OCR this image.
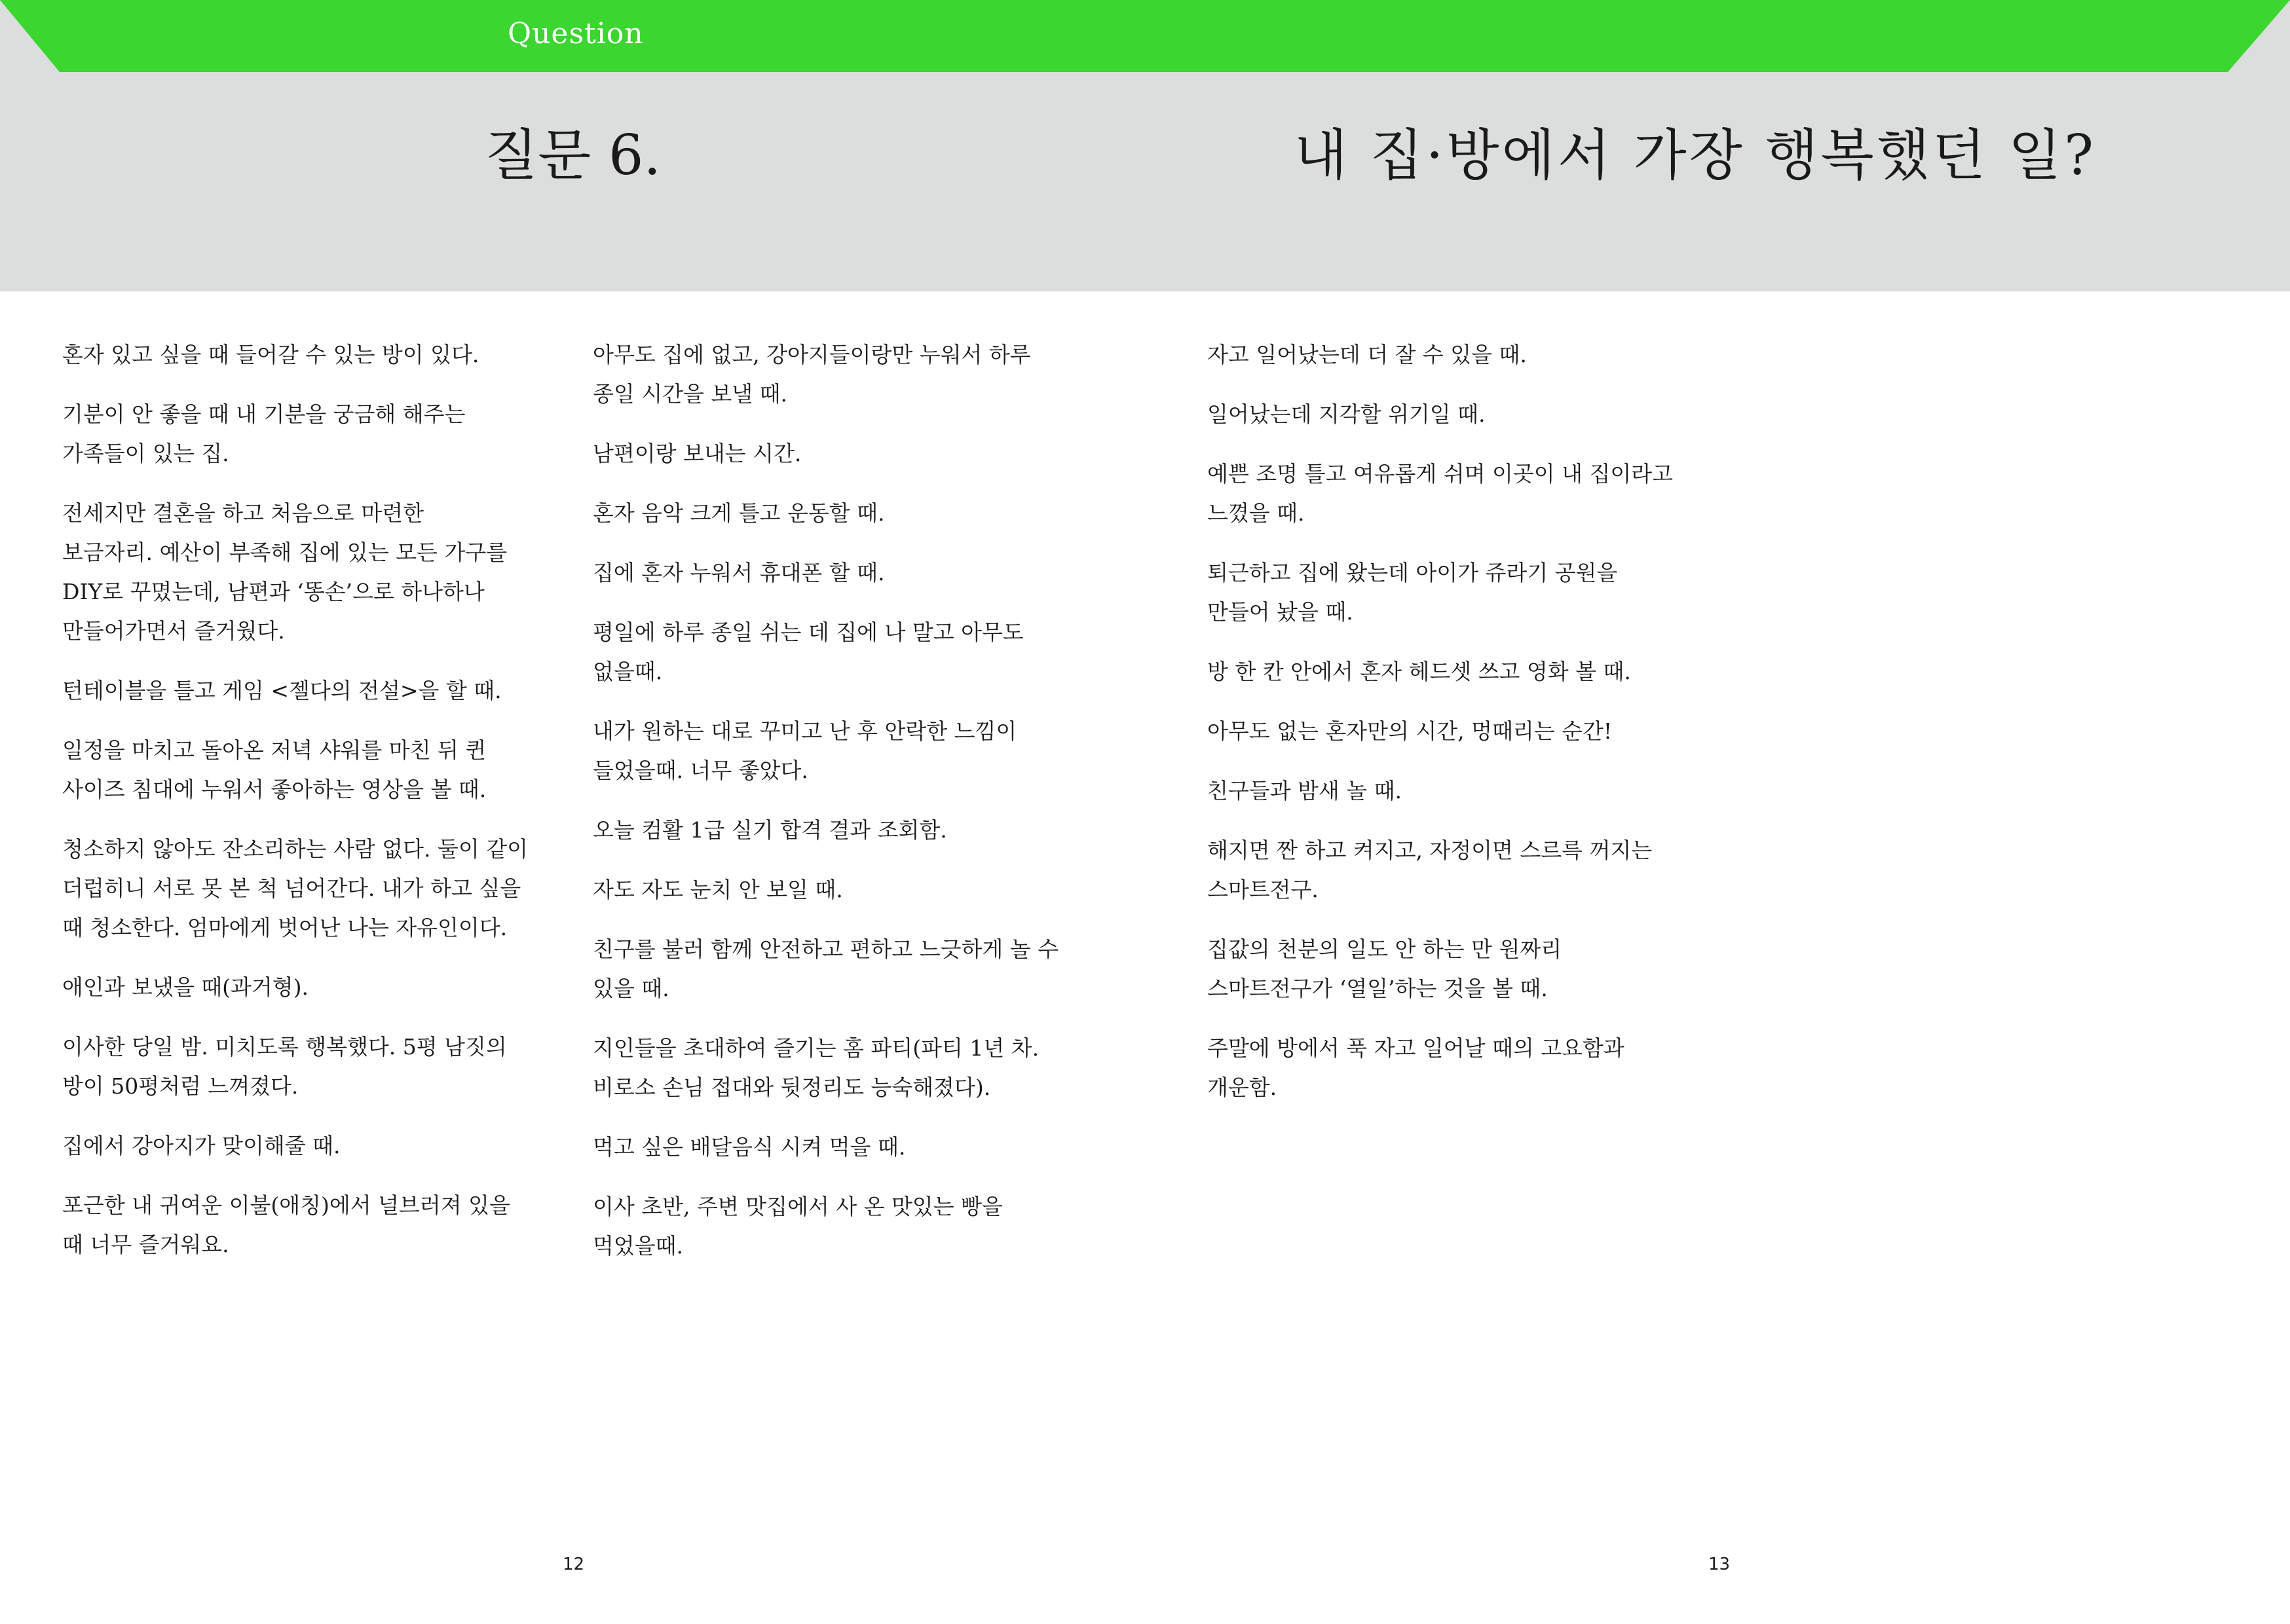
Question
질문 6.	내 집·방에서 가장 행복했던 일?

혼자 있고 싶을 때 들어갈 수 있는 방이 있다.

기분이 안 좋을 때 내 기분을 궁금해 해주는
가족들이 있는 집.

전세지만 결혼을 하고 처음으로 마련한
보금자리. 예산이 부족해 집에 있는 모든 가구를
DIY로 꾸몄는데, 남편과 ‘똥손’으로 하나하나
만들어가면서 즐거웠다.

턴테이블을 틀고 게임 <젤다의 전설>을 할 때.

일정을 마치고 돌아온 저녁 샤워를 마친 뒤 퀸
사이즈 침대에 누워서 좋아하는 영상을 볼 때.

청소하지 않아도 잔소리하는 사람 없다. 둘이 같이
더럽히니 서로 못 본 척 넘어간다. 내가 하고 싶을
때 청소한다. 엄마에게 벗어난 나는 자유인이다.

애인과 보냈을 때(과거형).

이사한 당일 밤. 미치도록 행복했다. 5평 남짓의
방이 50평처럼 느껴졌다.

집에서 강아지가 맞이해줄 때.

포근한 내 귀여운 이불(애칭)에서 널브러져 있을
때 너무 즐거워요.

아무도 집에 없고, 강아지들이랑만 누워서 하루
종일 시간을 보낼 때.

남편이랑 보내는 시간.

혼자 음악 크게 틀고 운동할 때.

집에 혼자 누워서 휴대폰 할 때.

평일에 하루 종일 쉬는 데 집에 나 말고 아무도
없을때.

내가 원하는 대로 꾸미고 난 후 안락한 느낌이
들었을때. 너무 좋았다.

오늘 컴활 1급 실기 합격 결과 조회함.

자도 자도 눈치 안 보일 때.

친구를 불러 함께 안전하고 편하고 느긋하게 놀 수
있을 때.

지인들을 초대하여 즐기는 홈 파티(파티 1년 차.
비로소 손님 접대와 뒷정리도 능숙해졌다).

먹고 싶은 배달음식 시켜 먹을 때.

이사 초반, 주변 맛집에서 사 온 맛있는 빵을
먹었을때.

자고 일어났는데 더 잘 수 있을 때.

일어났는데 지각할 위기일 때.

예쁜 조명 틀고 여유롭게 쉬며 이곳이 내 집이라고
느꼈을 때.

퇴근하고 집에 왔는데 아이가 쥬라기 공원을
만들어 놨을 때.

방 한 칸 안에서 혼자 헤드셋 쓰고 영화 볼 때.

아무도 없는 혼자만의 시간, 멍때리는 순간!

친구들과 밤새 놀 때.

해지면 짠 하고 켜지고, 자정이면 스르륵 꺼지는
스마트전구.

집값의 천분의 일도 안 하는 만 원짜리
스마트전구가 ‘열일’하는 것을 볼 때.

주말에 방에서 푹 자고 일어날 때의 고요함과
개운함.

12	13
